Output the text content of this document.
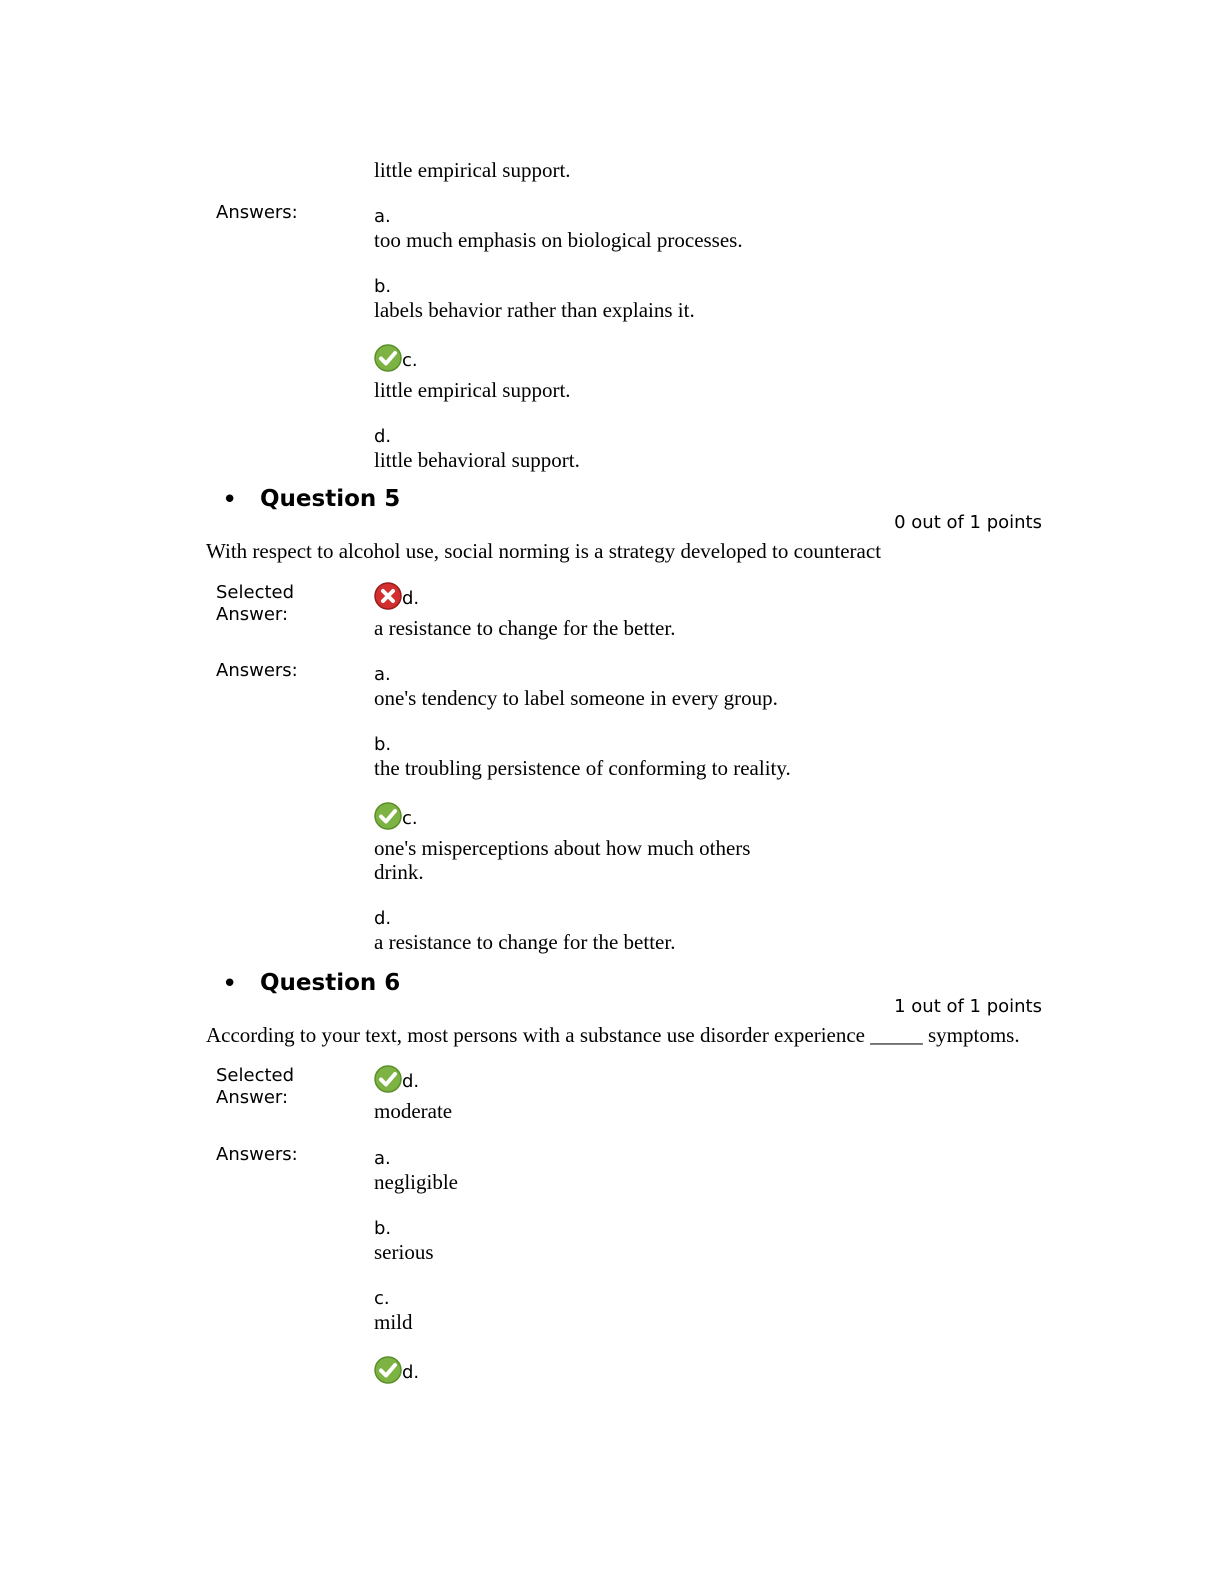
little empirical support.
Answers:	a.
too much emphasis on biological processes.
b.
labels behavior rather than explains it.
c.
little empirical support.
d.
little behavioral support.
• Question 5
0 out of 1 points
With respect to alcohol use, social norming is a strategy developed to counteract
Selected
Answer:
d.
a resistance to change for the better.
Answers:	a.
one's tendency to label someone in every group.
b.
the troubling persistence of conforming to reality.
c.
one's misperceptions about how much others
drink.
d.
a resistance to change for the better.
• Question 6
1 out of 1 points
According to your text, most persons with a substance use disorder experience _____ symptoms.
Selected
Answer:
d.
moderate
Answers:	a.
negligible
b.
serious
c.
mild
d.
